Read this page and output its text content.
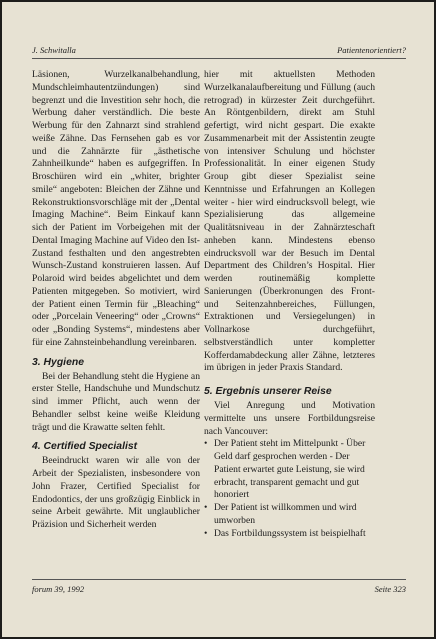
J. Schwitalla	Patientenorientiert?

Läsionen, Wurzelkanalbehandlung, Mundschleimhautentzündungen) sind begrenzt und die Investition sehr hoch, die Werbung daher verständlich. Die beste Werbung für den Zahnarzt sind strahlend weiße Zähne. Das Fernsehen gab es vor und die Zahnärzte für „ästhetische Zahnheilkunde“ haben es aufgegriffen. In Broschüren wird ein „whiter, brighter smile“ angeboten: Bleichen der Zähne und Rekonstruktionsvorschläge mit der „Dental Imaging Machine“. Beim Einkauf kann sich der Patient im Vorbeigehen mit der Dental Imaging Machine auf Video den Ist-Zustand festhalten und den angestrebten Wunsch-Zustand konstruieren lassen. Auf Polaroid wird beides abgelichtet und dem Patienten mitgegeben. So motiviert, wird der Patient einen Termin für „Bleaching“ oder „Porcelain Veneering“ oder „Crowns“ oder „Bonding Systems“, mindestens aber für eine Zahnsteinbehandlung vereinbaren.

3. Hygiene

Bei der Behandlung steht die Hygiene an erster Stelle, Handschuhe und Mundschutz sind immer Pflicht, auch wenn der Behandler selbst keine weiße Kleidung trägt und die Krawatte selten fehlt.

4. Certified Specialist

Beeindruckt waren wir alle von der Arbeit der Spezialisten, insbesondere von John Frazer, Certified Specialist for Endodontics, der uns großzügig Einblick in seine Arbeit gewährte. Mit unglaublicher Präzision und Sicherheit werden

hier mit aktuellsten Methoden Wurzelkanalaufbereitung und Füllung (auch retrograd) in kürzester Zeit durchgeführt. An Röntgenbildern, direkt am Stuhl gefertigt, wird nicht gespart. Die exakte Zusammenarbeit mit der Assistentin zeugte von intensiver Schulung und höchster Professionalität. In einer eigenen Study Group gibt dieser Spezialist seine Kenntnisse und Erfahrungen an Kollegen weiter - hier wird eindrucksvoll belegt, wie Spezialisierung das allgemeine Qualitätsniveau in der Zahnärzteschaft anheben kann. Mindestens ebenso eindrucksvoll war der Besuch im Dental Department des Children’s Hospital. Hier werden routinemäßig komplette Sanierungen (Überkronungen des Front- und Seitenzahnbereiches, Füllungen, Extraktionen und Versiegelungen) in Vollnarkose durchgeführt, selbstverständlich unter kompletter Kofferdamabdeckung aller Zähne, letzteres im übrigen in jeder Praxis Standard.

5. Ergebnis unserer Reise

Viel Anregung und Motivation vermittelte uns unsere Fortbildungsreise nach Vancouver:

• Der Patient steht im Mittelpunkt - Über Geld darf gesprochen werden - Der Patient erwartet gute Leistung, sie wird erbracht, transparent gemacht und gut honoriert
• Der Patient ist willkommen und wird umworben
• Das Fortbildungssystem ist beispielhaft
forum 39, 1992	Seite 323
